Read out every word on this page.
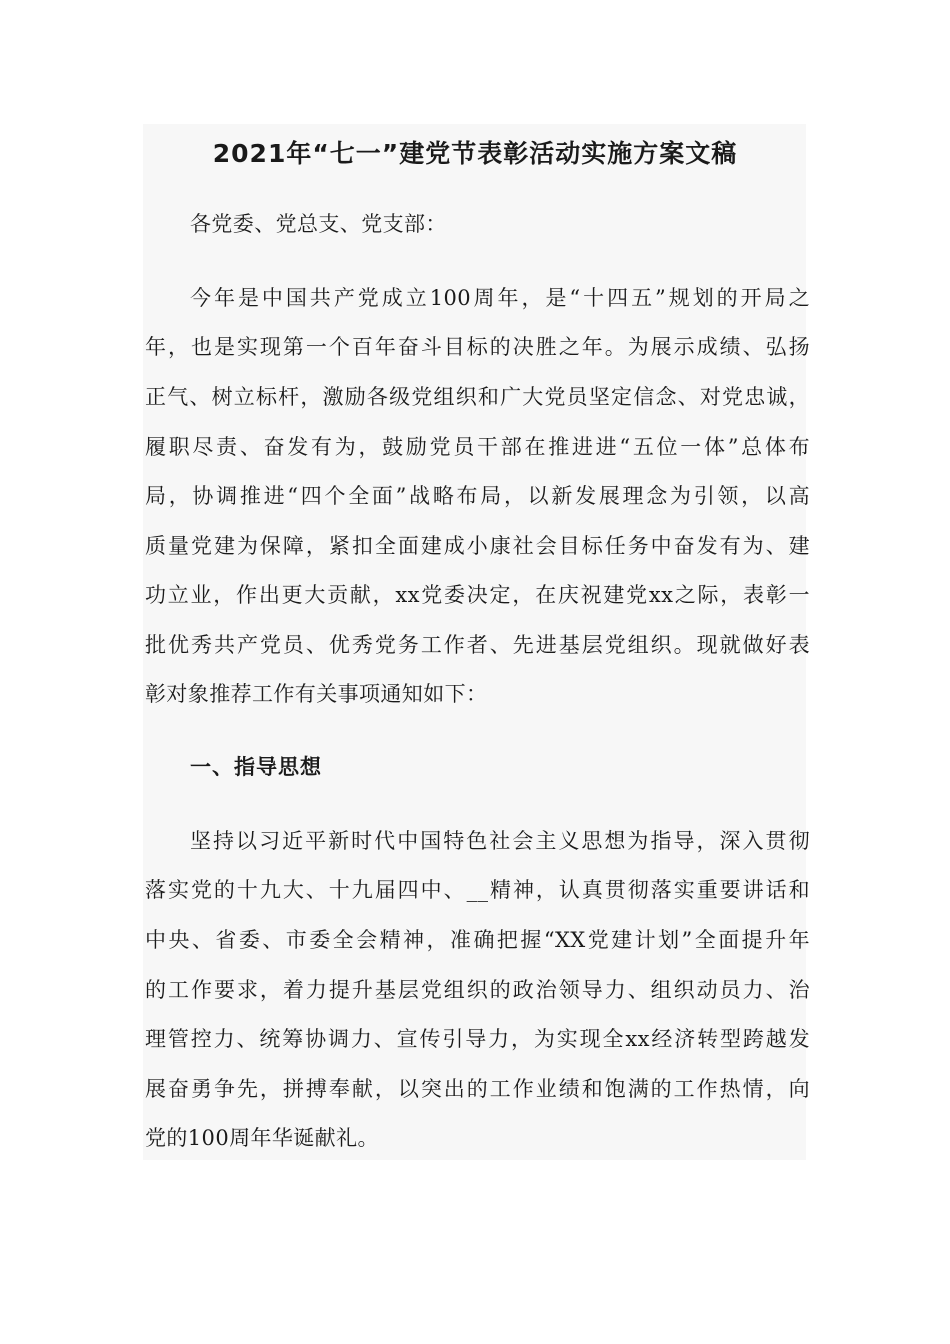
2021年“七一”建党节表彰活动实施方案文稿
各党委、党总支、党支部：
今年是中国共产党成立100周年，是“十四五”规划的开局之
年，也是实现第一个百年奋斗目标的决胜之年。为展示成绩、弘扬
正气、树立标杆，激励各级党组织和广大党员坚定信念、对党忠诚，
履职尽责、奋发有为，鼓励党员干部在推进进“五位一体”总体布
局，协调推进“四个全面”战略布局，以新发展理念为引领，以高
质量党建为保障，紧扣全面建成小康社会目标任务中奋发有为、建
功立业，作出更大贡献，xx党委决定，在庆祝建党xx之际，表彰一
批优秀共产党员、优秀党务工作者、先进基层党组织。现就做好表
彰对象推荐工作有关事项通知如下：
一、指导思想
坚持以习近平新时代中国特色社会主义思想为指导，深入贯彻
落实党的十九大、十九届四中、__精神，认真贯彻落实重要讲话和
中央、省委、市委全会精神，准确把握“XX党建计划”全面提升年
的工作要求，着力提升基层党组织的政治领导力、组织动员力、治
理管控力、统筹协调力、宣传引导力，为实现全xx经济转型跨越发
展奋勇争先，拼搏奉献，以突出的工作业绩和饱满的工作热情，向
党的100周年华诞献礼。
